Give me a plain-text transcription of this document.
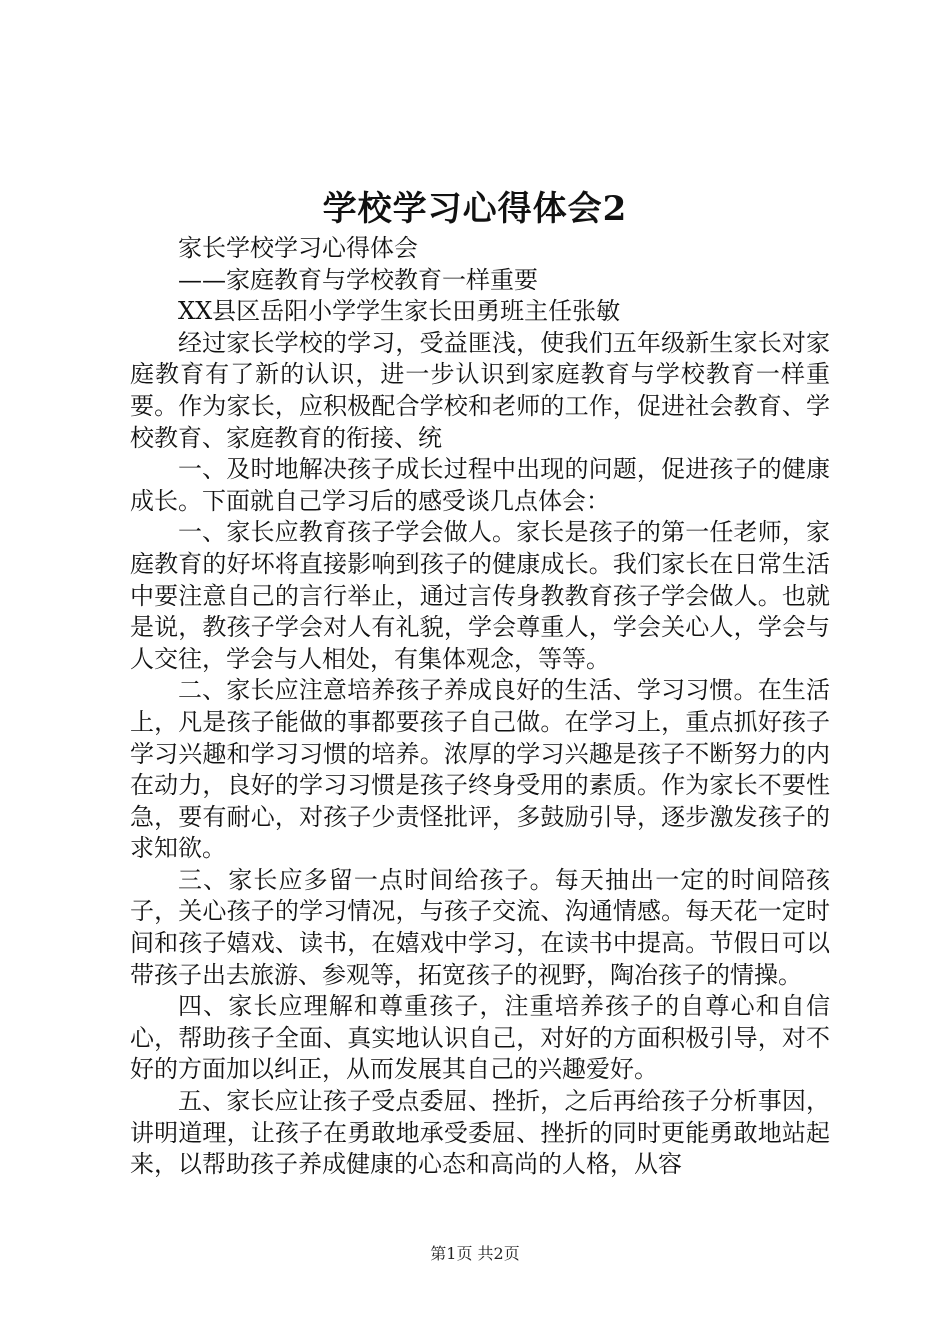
学校学习心得体会2

家长学校学习心得体会

——家庭教育与学校教育一样重要

XX县区岳阳小学学生家长田勇班主任张敏

经过家长学校的学习，受益匪浅，使我们五年级新生家长对家庭教育有了新的认识，进一步认识到家庭教育与学校教育一样重要。作为家长，应积极配合学校和老师的工作，促进社会教育、学校教育、家庭教育的衔接、统

一、及时地解决孩子成长过程中出现的问题，促进孩子的健康成长。下面就自己学习后的感受谈几点体会：

一、家长应教育孩子学会做人。家长是孩子的第一任老师，家庭教育的好坏将直接影响到孩子的健康成长。我们家长在日常生活中要注意自己的言行举止，通过言传身教教育孩子学会做人。也就是说，教孩子学会对人有礼貌，学会尊重人，学会关心人，学会与人交往，学会与人相处，有集体观念，等等。

二、家长应注意培养孩子养成良好的生活、学习习惯。在生活上，凡是孩子能做的事都要孩子自己做。在学习上，重点抓好孩子学习兴趣和学习习惯的培养。浓厚的学习兴趣是孩子不断努力的内在动力，良好的学习习惯是孩子终身受用的素质。作为家长不要性急，要有耐心，对孩子少责怪批评，多鼓励引导，逐步激发孩子的求知欲。

三、家长应多留一点时间给孩子。每天抽出一定的时间陪孩子，关心孩子的学习情况，与孩子交流、沟通情感。每天花一定时间和孩子嬉戏、读书，在嬉戏中学习，在读书中提高。节假日可以带孩子出去旅游、参观等，拓宽孩子的视野，陶冶孩子的情操。

四、家长应理解和尊重孩子，注重培养孩子的自尊心和自信心，帮助孩子全面、真实地认识自己，对好的方面积极引导，对不好的方面加以纠正，从而发展其自己的兴趣爱好。

五、家长应让孩子受点委屈、挫折，之后再给孩子分析事因，讲明道理，让孩子在勇敢地承受委屈、挫折的同时更能勇敢地站起来，以帮助孩子养成健康的心态和高尚的人格，从容

第1页 共2页
